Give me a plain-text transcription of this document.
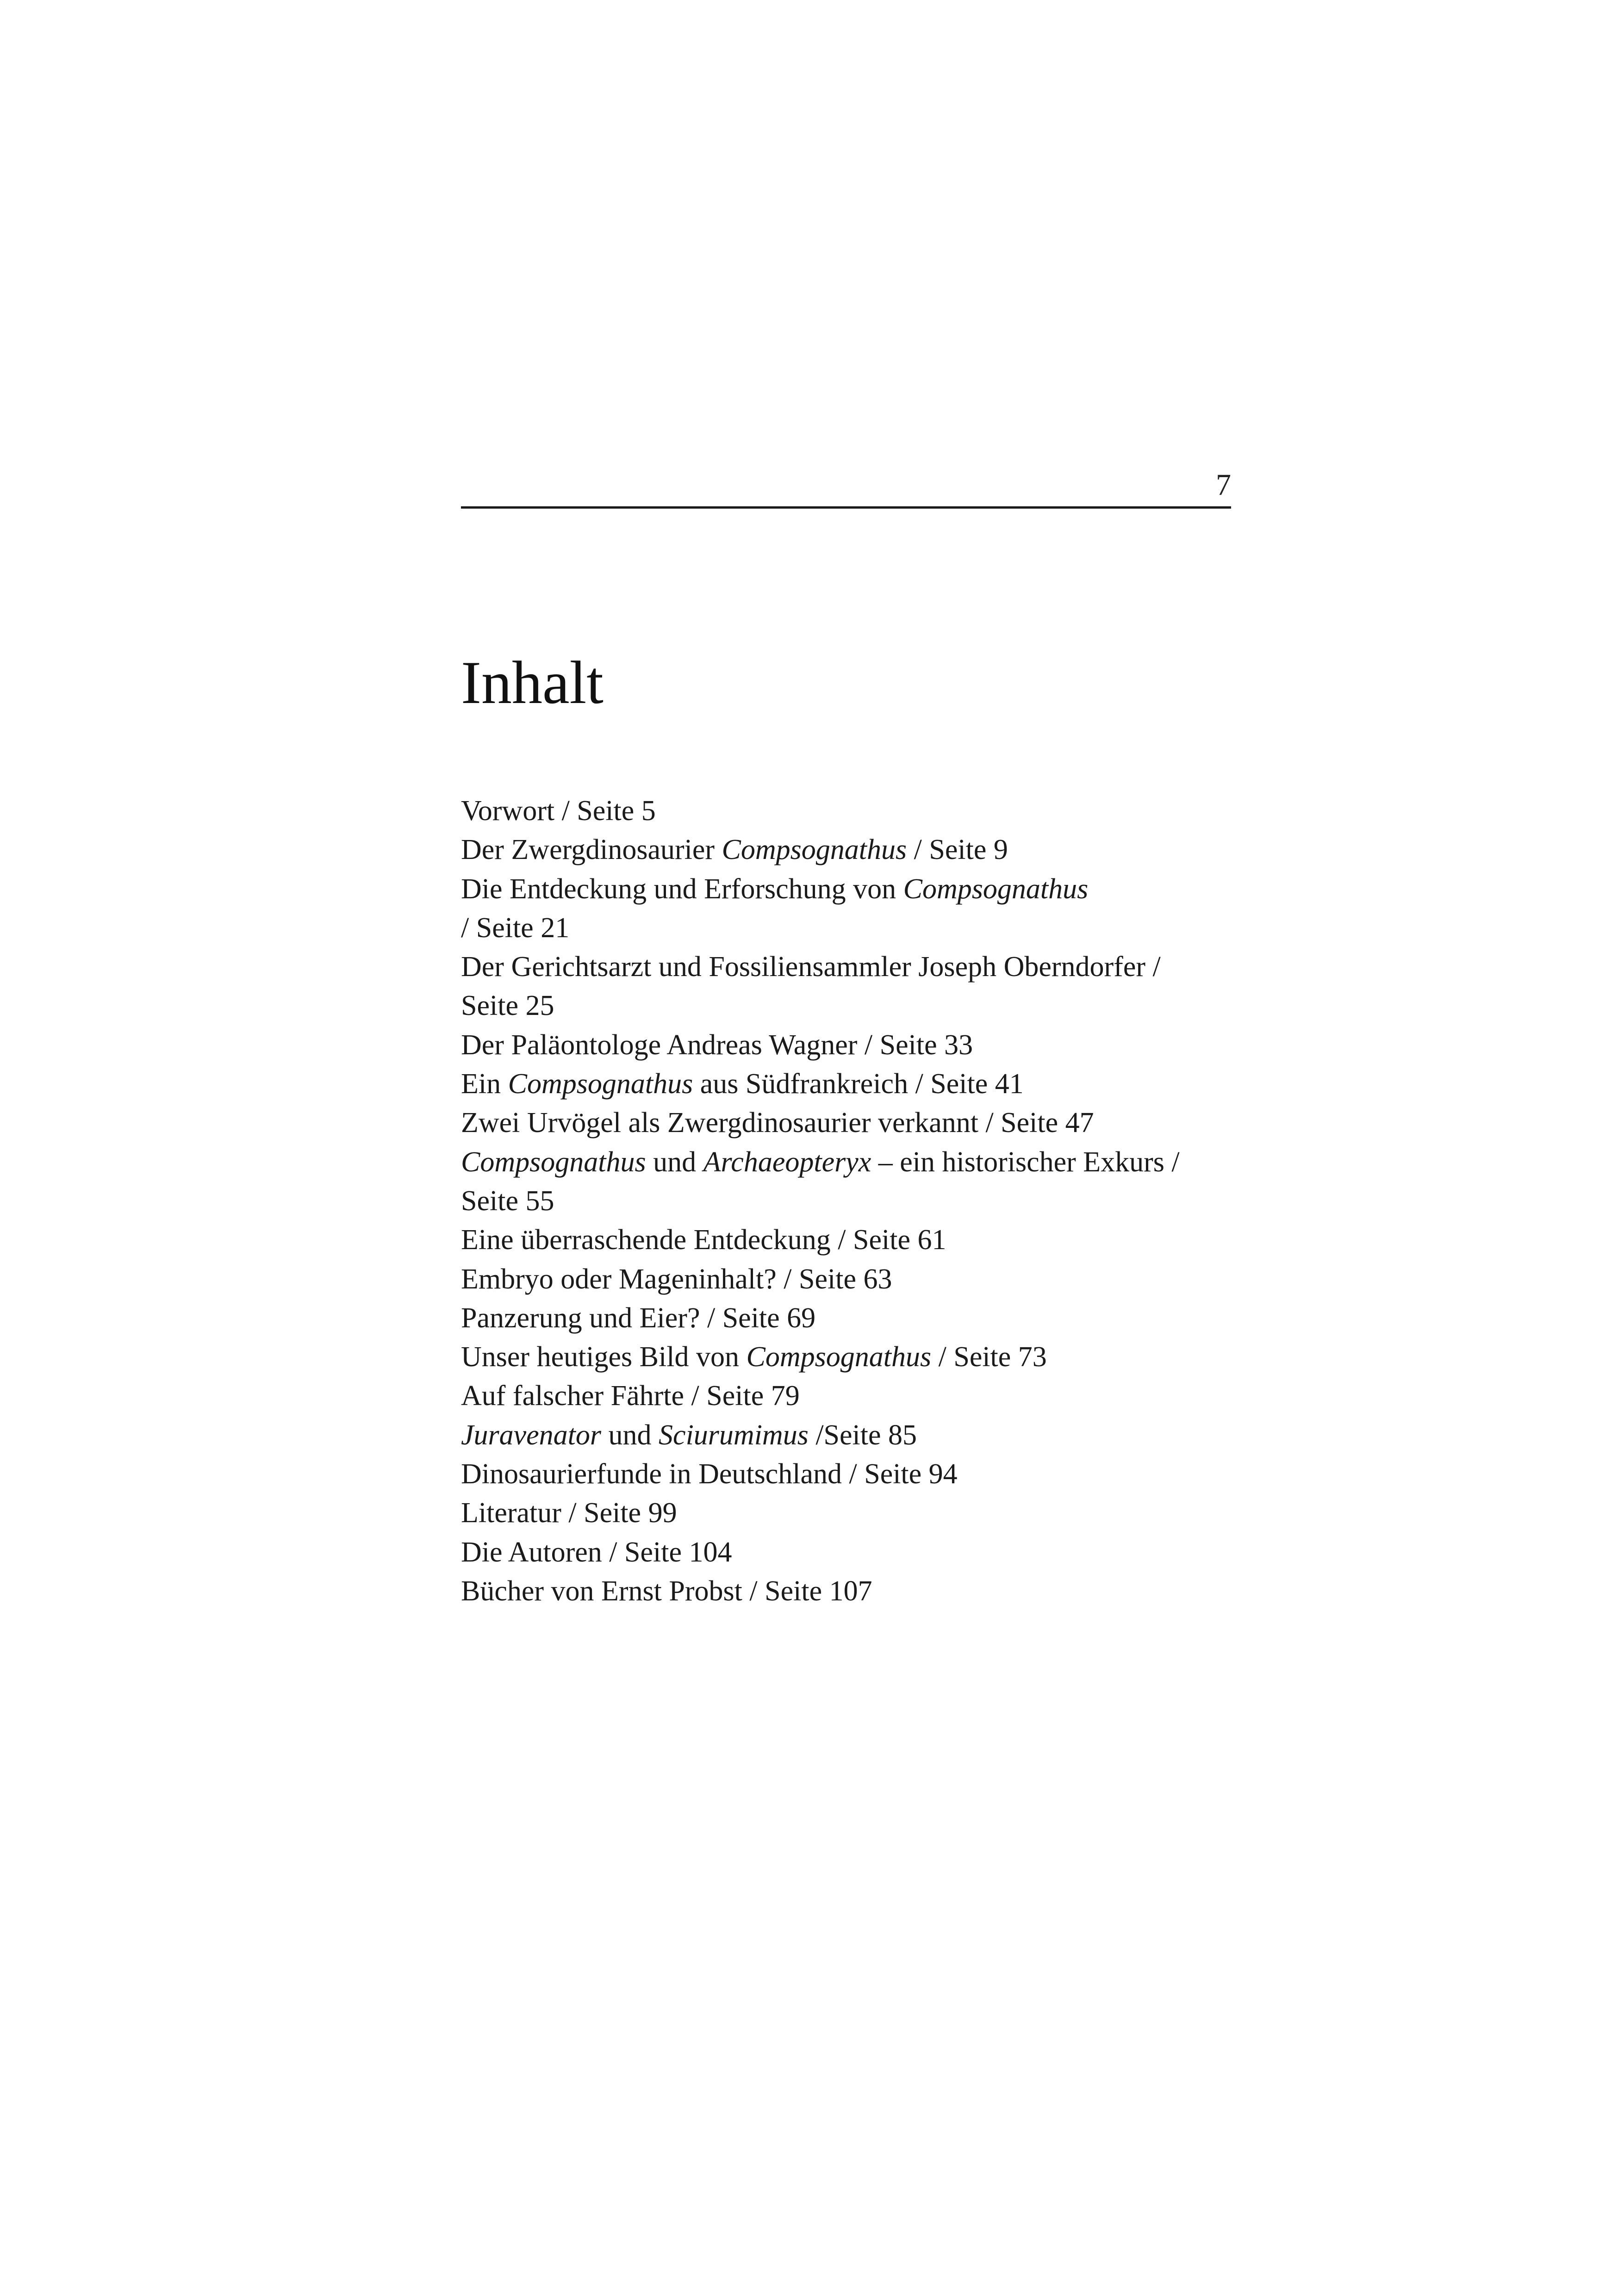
7
Inhalt
Vorwort / Seite 5
Der Zwergdinosaurier Compsognathus / Seite 9
Die Entdeckung und Erforschung von Compsognathus
/ Seite 21
Der Gerichtsarzt und Fossiliensammler Joseph Oberndorfer /
Seite 25
Der Paläontologe Andreas Wagner / Seite 33
Ein Compsognathus aus Südfrankreich / Seite 41
Zwei Urvögel als Zwergdinosaurier verkannt / Seite 47
Compsognathus und Archaeopteryx – ein historischer Exkurs /
Seite 55
Eine überraschende Entdeckung / Seite 61
Embryo oder Mageninhalt? / Seite 63
Panzerung und Eier? / Seite 69
Unser heutiges Bild von Compsognathus / Seite 73
Auf falscher Fährte / Seite 79
Juravenator und Sciurumimus /Seite 85
Dinosaurierfunde in Deutschland / Seite 94
Literatur / Seite 99
Die Autoren / Seite 104
Bücher von Ernst Probst / Seite 107
